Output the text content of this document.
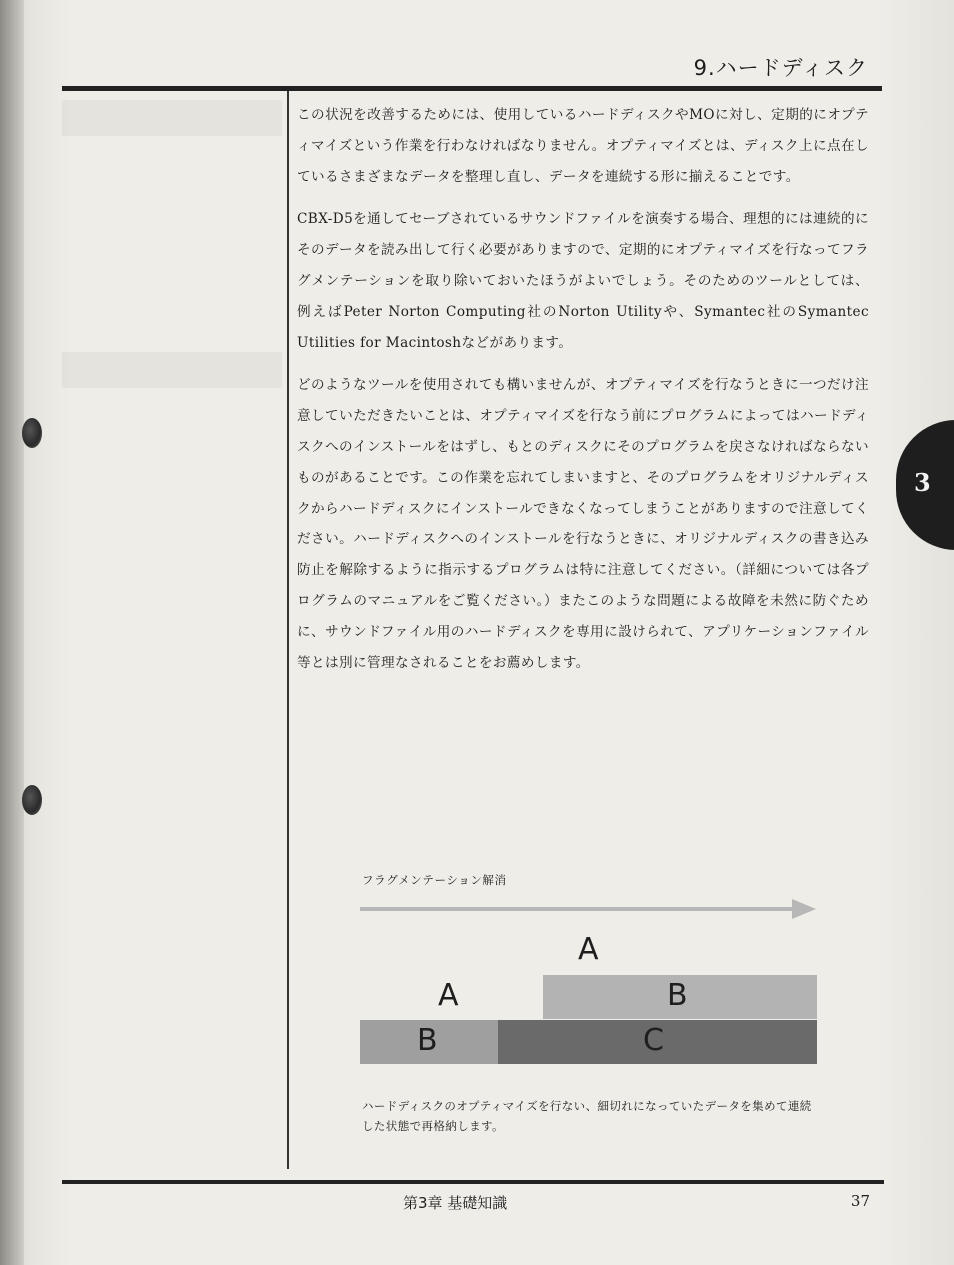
9.ハードディスク

この状況を改善するためには、使用しているハードディスクやMOに対し、定期的にオプティマイズという作業を行わなければなりません。オプティマイズとは、ディスク上に点在しているさまざまなデータを整理し直し、データを連続する形に揃えることです。

CBX-D5を通してセーブされているサウンドファイルを演奏する場合、理想的には連続的にそのデータを読み出して行く必要がありますので、定期的にオプティマイズを行なってフラグメンテーションを取り除いておいたほうがよいでしょう。そのためのツールとしては、例えばPeter Norton Computing社のNorton Utilityや、Symantec社のSymantec Utilities for Macintoshなどがあります。

どのようなツールを使用されても構いませんが、オプティマイズを行なうときに一つだけ注意していただきたいことは、オプティマイズを行なう前にプログラムによってはハードディスクへのインストールをはずし、もとのディスクにそのプログラムを戻さなければならないものがあることです。この作業を忘れてしまいますと、そのプログラムをオリジナルディスクからハードディスクにインストールできなくなってしまうことがありますので注意してください。ハードディスクへのインストールを行なうときに、オリジナルディスクの書き込み防止を解除するように指示するプログラムは特に注意してください。（詳細については各プログラムのマニュアルをご覧ください。）またこのような問題による故障を未然に防ぐために、サウンドファイル用のハードディスクを専用に設けられて、アプリケーションファイル等とは別に管理なされることをお薦めします。

3
フラグメンテーション解消
A
A	B
B	C
ハードディスクのオプティマイズを行ない、細切れになっていたデータを集めて連続した状態で再格納します。
第3章 基礎知識	37
